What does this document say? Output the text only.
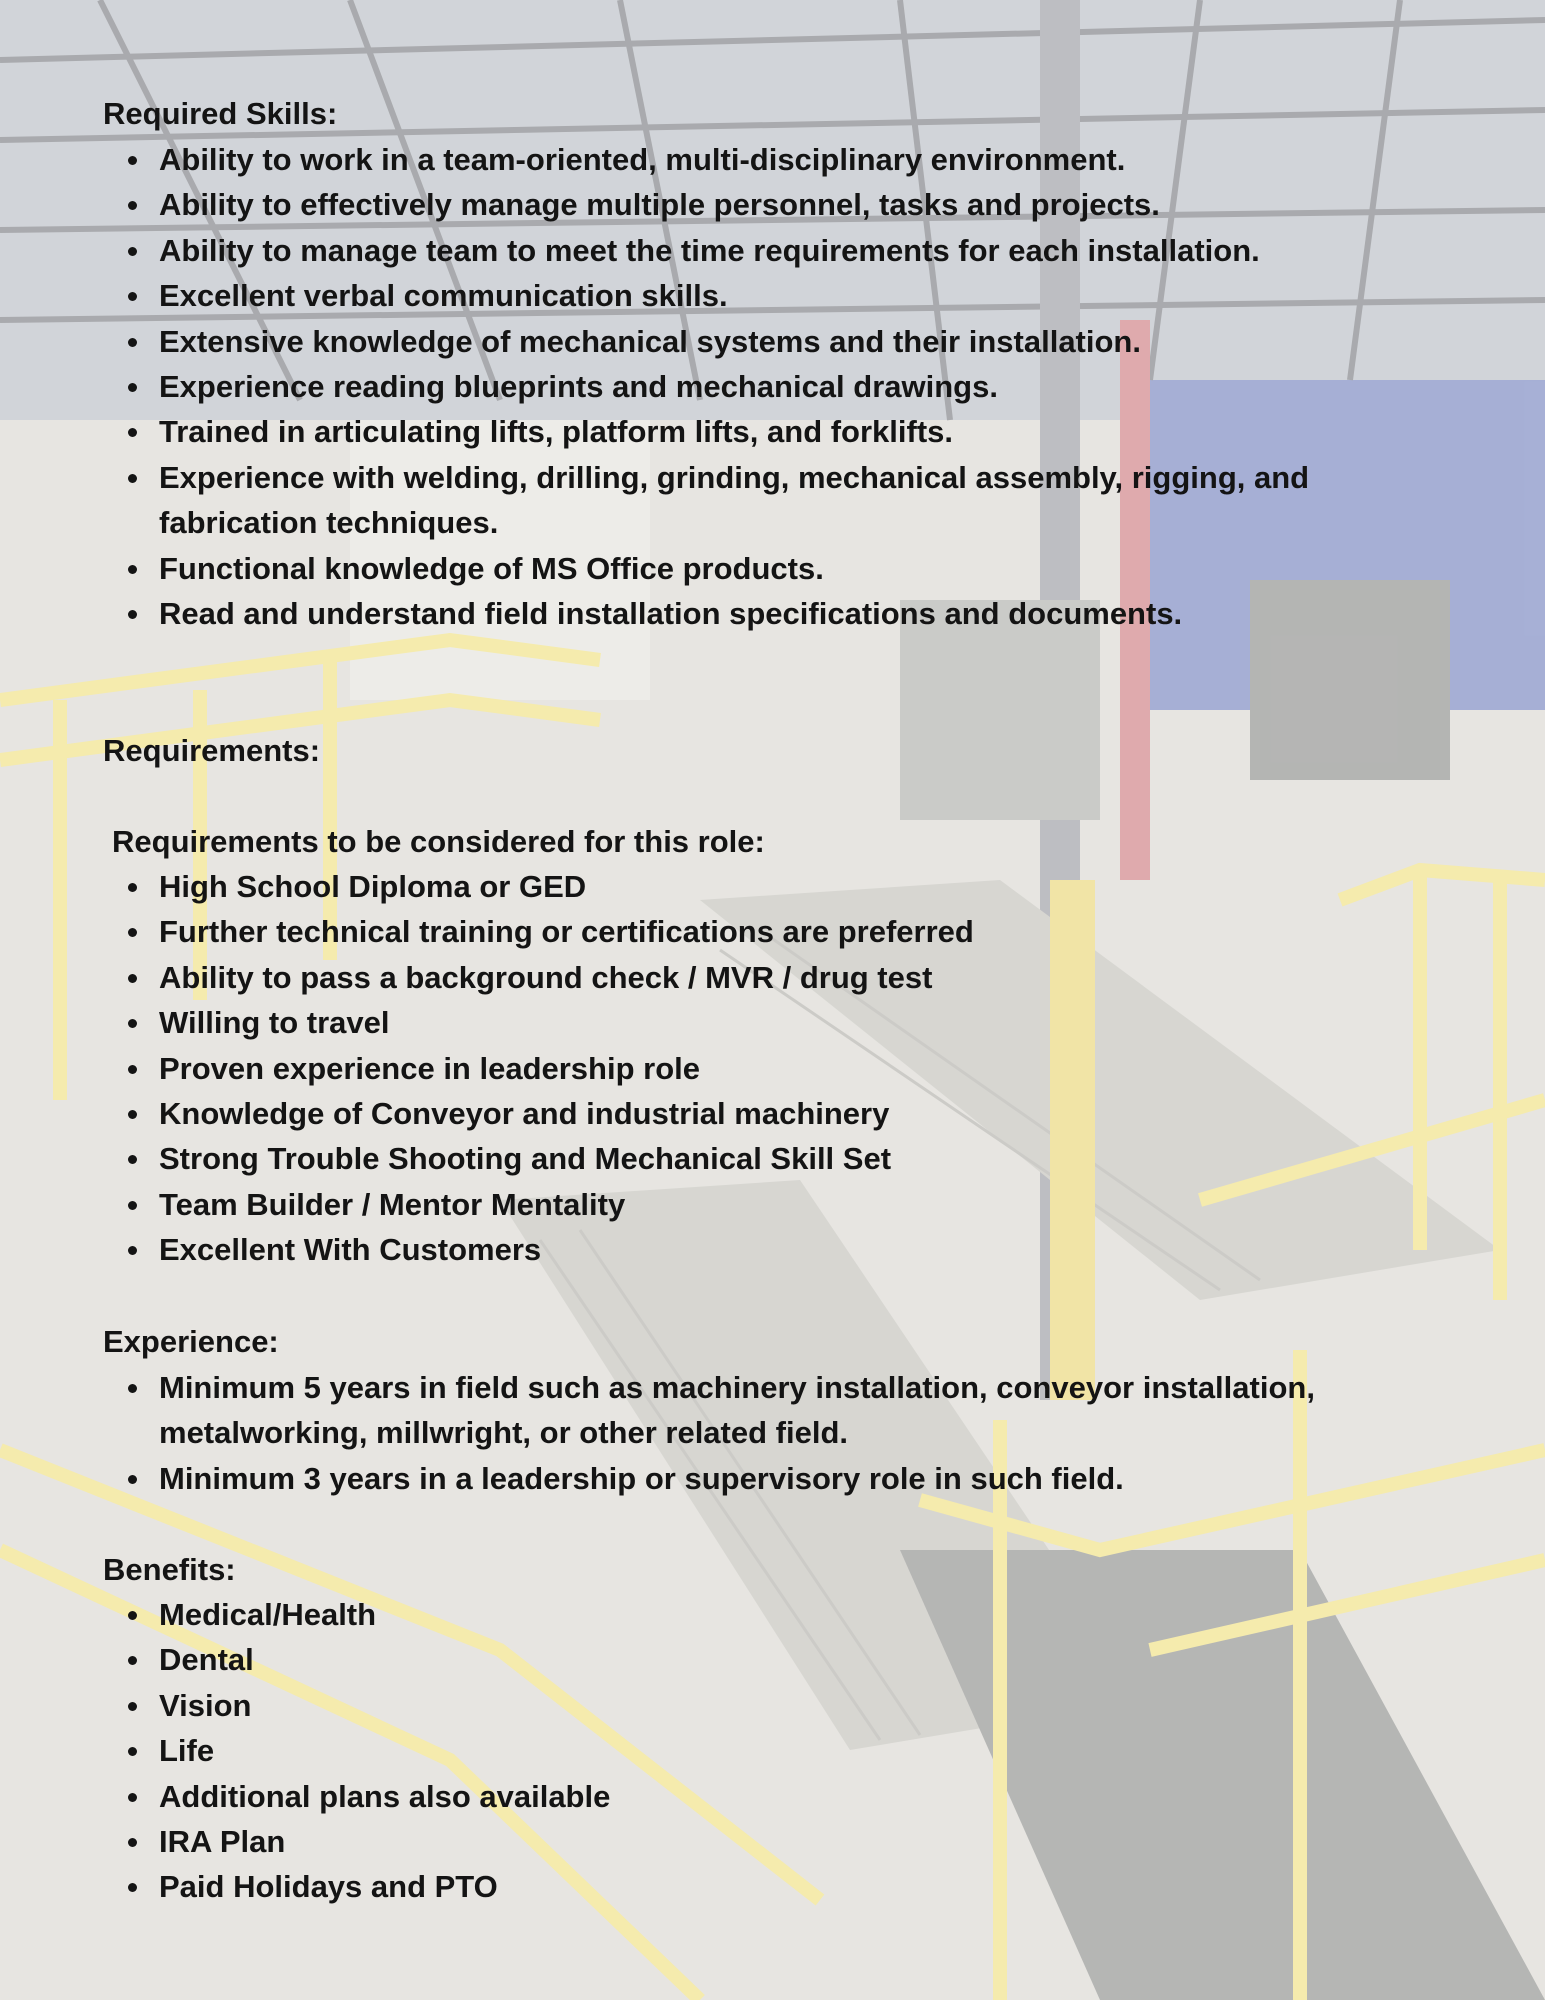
Required Skills:
Ability to work in a team-oriented, multi-disciplinary environment.
Ability to effectively manage multiple personnel, tasks and projects.
Ability to manage team to meet the time requirements for each installation.
Excellent verbal communication skills.
Extensive knowledge of mechanical systems and their installation.
Experience reading blueprints and mechanical drawings.
Trained in articulating lifts, platform lifts, and forklifts.
Experience with welding, drilling, grinding, mechanical assembly, rigging, and fabrication techniques.
Functional knowledge of MS Office products.
Read and understand field installation specifications and documents.
Requirements:
Requirements to be considered for this role:
High School Diploma or GED
Further technical training or certifications are preferred
Ability to pass a background check / MVR / drug test
Willing to travel
Proven experience in leadership role
Knowledge of Conveyor and industrial machinery
Strong Trouble Shooting and Mechanical Skill Set
Team Builder / Mentor Mentality
Excellent With Customers
Experience:
Minimum 5 years in field such as machinery installation, conveyor installation, metalworking, millwright, or other related field.
Minimum 3 years in a leadership or supervisory role in such field.
Benefits:
Medical/Health
Dental
Vision
Life
Additional plans also available
IRA Plan
Paid Holidays and PTO
